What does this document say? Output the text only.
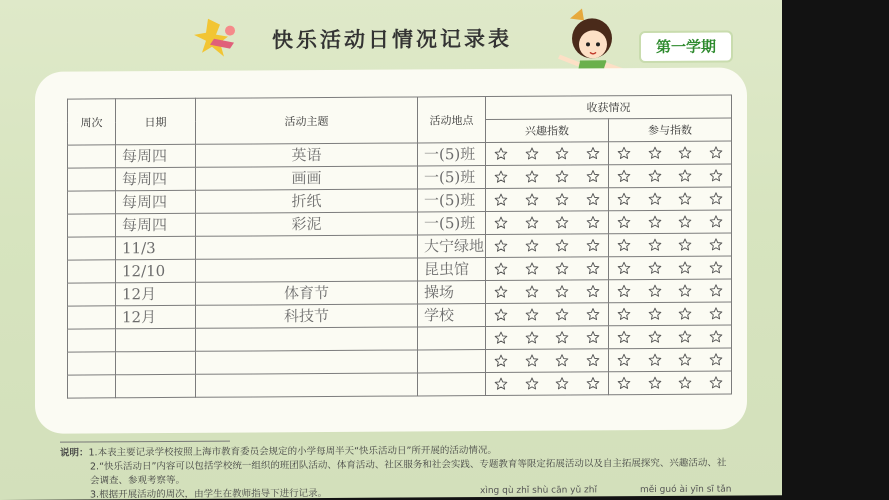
快乐活动日情况记录表	第一学期
周次	日期	活动主题	活动地点	收获情况	
				兴趣指数	参与指数

	每周四	英语	一(5)班

	每周四	画画	一(5)班

	每周四	折纸	一(5)班

	每周四	彩泥	一(5)班

	11/3		大宁绿地

	12/10		昆虫馆

	12月	体育节	操场

	12月	科技节	学校

说明：1.本表主要记录学校按照上海市教育委员会规定的小学每周半天“快乐活动日”所开展的活动情况。
2.“快乐活动日”内容可以包括学校统一组织的班团队活动、体育活动、社区服务和社会实践、专题教育等限定拓展活动以及自主拓展探究、兴趣活动、社
会调查、参观考察等。
3.根据开展活动的周次，由学生在教师指导下进行记录。	xìng qù zhǐ shù cān yǔ zhǐ	měi guó ài yīn sī tǎn
